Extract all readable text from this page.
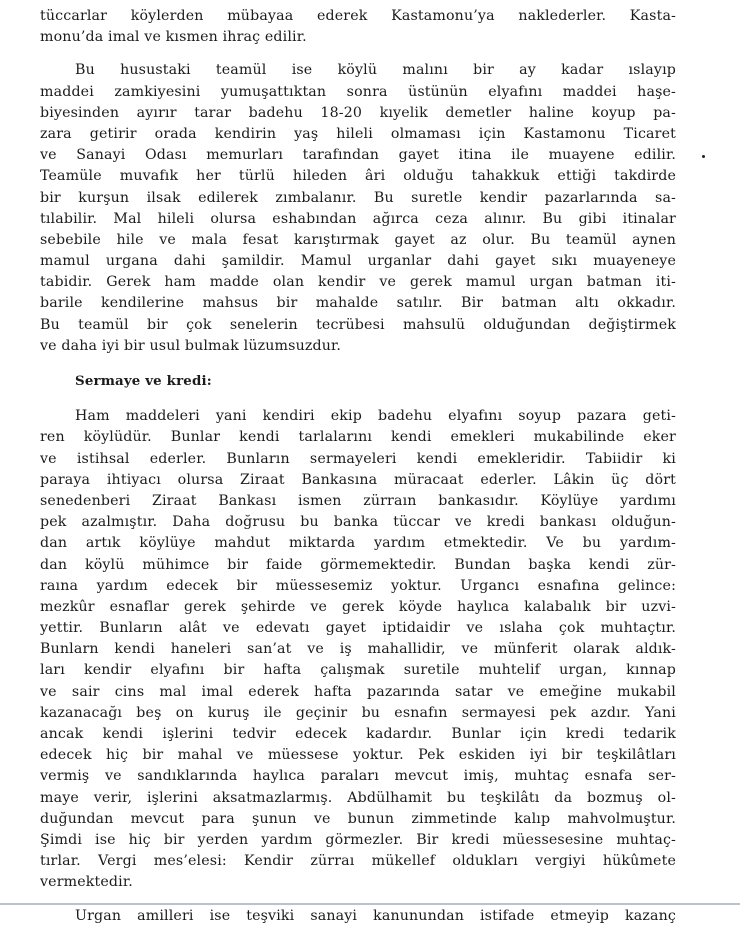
tüccarlar köylerden mübayaa ederek Kastamonu’ya naklederler. Kasta-
monu’da imal ve kısmen ihraç edilir.
Bu husustaki teamül ise köylü malını bir ay kadar ıslayıp
maddei zamkiyesini yumuşattıktan sonra üstünün elyafını maddei haşe-
biyesinden ayırır tarar badehu 18-20 kıyelik demetler haline koyup pa-
zara getirir orada kendirin yaş hileli olmaması için Kastamonu Ticaret
ve Sanayi Odası memurları tarafından gayet itina ile muayene edilir.
Teamüle muvafık her türlü hileden âri olduğu tahakkuk ettiği takdirde
bir kurşun ilsak edilerek zımbalanır. Bu suretle kendir pazarlarında sa-
tılabilir. Mal hileli olursa eshabından ağırca ceza alınır. Bu gibi itinalar
sebebile hile ve mala fesat karıştırmak gayet az olur. Bu teamül aynen
mamul urgana dahi şamildir. Mamul urganlar dahi gayet sıkı muayeneye
tabidir. Gerek ham madde olan kendir ve gerek mamul urgan batman iti-
barile kendilerine mahsus bir mahalde satılır. Bir batman altı okkadır.
Bu teamül bir çok senelerin tecrübesi mahsulü olduğundan değiştirmek
ve daha iyi bir usul bulmak lüzumsuzdur.
Sermaye ve kredi:
Ham maddeleri yani kendiri ekip badehu elyafını soyup pazara geti-
ren köylüdür. Bunlar kendi tarlalarını kendi emekleri mukabilinde eker
ve istihsal ederler. Bunların sermayeleri kendi emekleridir. Tabiidir ki
paraya ihtiyacı olursa Ziraat Bankasına müracaat ederler. Lâkin üç dört
senedenberi Ziraat Bankası ismen zürraın bankasıdır. Köylüye yardımı
pek azalmıştır. Daha doğrusu bu banka tüccar ve kredi bankası olduğun-
dan artık köylüye mahdut miktarda yardım etmektedir. Ve bu yardım-
dan köylü mühimce bir faide görmemektedir. Bundan başka kendi zür-
raına yardım edecek bir müessesemiz yoktur. Urgancı esnafına gelince:
mezkûr esnaflar gerek şehirde ve gerek köyde haylıca kalabalık bir uzvi-
yettir. Bunların alât ve edevatı gayet iptidaidir ve ıslaha çok muhtaçtır.
Bunlarn kendi haneleri san’at ve iş mahallidir, ve münferit olarak aldık-
ları kendir elyafını bir hafta çalışmak suretile muhtelif urgan, kınnap
ve sair cins mal imal ederek hafta pazarında satar ve emeğine mukabil
kazanacağı beş on kuruş ile geçinir bu esnafın sermayesi pek azdır. Yani
ancak kendi işlerini tedvir edecek kadardır. Bunlar için kredi tedarik
edecek hiç bir mahal ve müessese yoktur. Pek eskiden iyi bir teşkilâtları
vermiş ve sandıklarında haylıca paraları mevcut imiş, muhtaç esnafa ser-
maye verir, işlerini aksatmazlarmış. Abdülhamit bu teşkilâtı da bozmuş ol-
duğundan mevcut para şunun ve bunun zimmetinde kalıp mahvolmuştur.
Şimdi ise hiç bir yerden yardım görmezler. Bir kredi müessesesine muhtaç-
tırlar. Vergi mes’elesi: Kendir zürraı mükellef oldukları vergiyi hükûmete
vermektedir.
Urgan amilleri ise teşviki sanayi kanunundan istifade etmeyip kazanç
